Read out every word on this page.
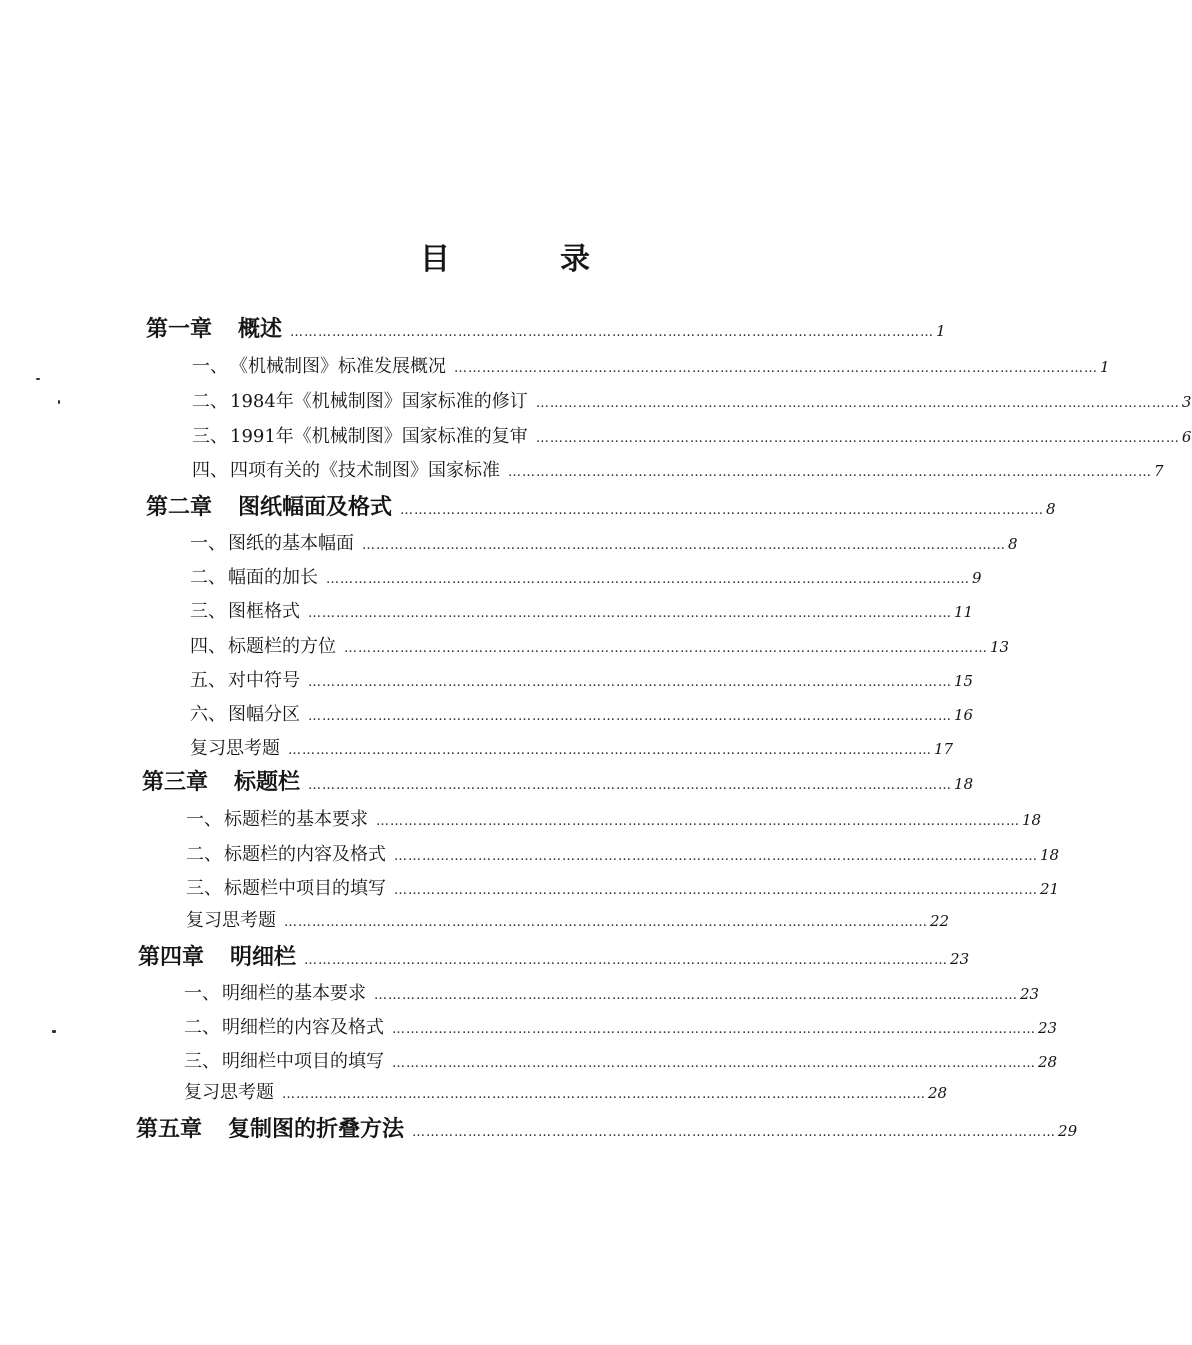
目	录
第一章 概述 ………………………………………………………………………………………………………………………… 1
一、 《机械制图》标准发展概况 ………………………………………………………………………………………………………………………… 1
二、 1984年《机械制图》国家标准的修订 ………………………………………………………………………………………………………………………… 3
三、 1991年《机械制图》国家标准的复审 ………………………………………………………………………………………………………………………… 6
四、 四项有关的《技术制图》国家标准 ………………………………………………………………………………………………………………………… 7
第二章 图纸幅面及格式 ………………………………………………………………………………………………………………………… 8
一、 图纸的基本幅面 ………………………………………………………………………………………………………………………… 8
二、 幅面的加长 ………………………………………………………………………………………………………………………… 9
三、 图框格式 ………………………………………………………………………………………………………………………… 11
四、 标题栏的方位 ………………………………………………………………………………………………………………………… 13
五、 对中符号 ………………………………………………………………………………………………………………………… 15
六、 图幅分区 ………………………………………………………………………………………………………………………… 16
复习思考题 ………………………………………………………………………………………………………………………… 17
第三章 标题栏 ………………………………………………………………………………………………………………………… 18
一、 标题栏的基本要求 ………………………………………………………………………………………………………………………… 18
二、 标题栏的内容及格式 ………………………………………………………………………………………………………………………… 18
三、 标题栏中项目的填写 ………………………………………………………………………………………………………………………… 21
复习思考题 ………………………………………………………………………………………………………………………… 22
第四章 明细栏 ………………………………………………………………………………………………………………………… 23
一、 明细栏的基本要求 ………………………………………………………………………………………………………………………… 23
二、 明细栏的内容及格式 ………………………………………………………………………………………………………………………… 23
三、 明细栏中项目的填写 ………………………………………………………………………………………………………………………… 28
复习思考题 ………………………………………………………………………………………………………………………… 28
第五章 复制图的折叠方法 ………………………………………………………………………………………………………………………… 29
